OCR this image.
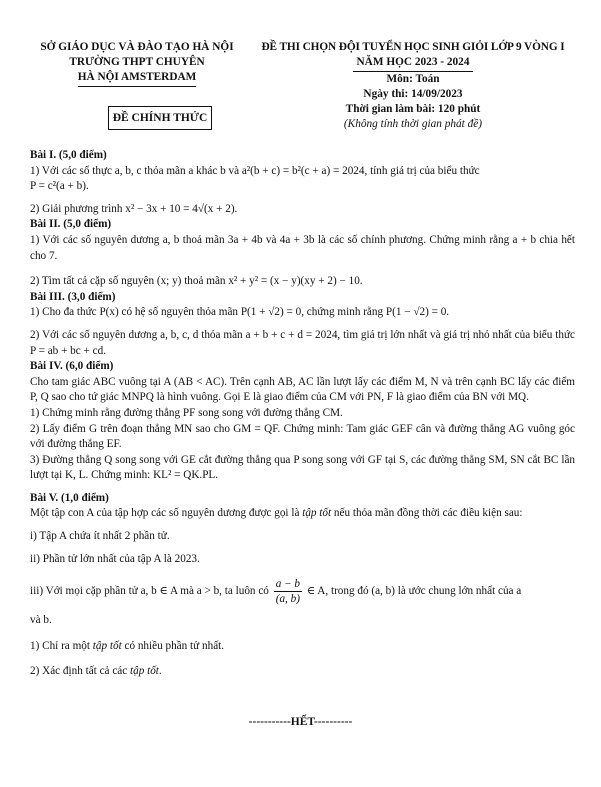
SỞ GIÁO DỤC VÀ ĐÀO TẠO HÀ NỘI
TRƯỜNG THPT CHUYÊN
HÀ NỘI AMSTERDAM
ĐỀ THI CHỌN ĐỘI TUYỂN HỌC SINH GIỎI LỚP 9 VÒNG I
NĂM HỌC 2023 - 2024
Môn: Toán
Ngày thi: 14/09/2023
Thời gian làm bài: 120 phút
(Không tính thời gian phát đề)
ĐỀ CHÍNH THỨC

Bài I. (5,0 điểm)

1) Với các số thực a, b, c thỏa mãn a khác b và a²(b + c) = b²(c + a) = 2024, tính giá trị của biểu thức

P = c²(a + b).

2) Giải phương trình x² − 3x + 10 = 4√(x + 2).

Bài II. (5,0 điểm)

1) Với các số nguyên dương a, b thoả mãn 3a + 4b và 4a + 3b là các số chính phương. Chứng minh rằng a + b chia hết cho 7.

2) Tìm tất cả cặp số nguyên (x; y) thoả mãn x² + y² = (x − y)(xy + 2) − 10.

Bài III. (3,0 điểm)

1) Cho đa thức P(x) có hệ số nguyên thỏa mãn P(1 + √2) = 0, chứng minh rằng P(1 − √2) = 0.

2) Với các số nguyên dương a, b, c, d thỏa mãn a + b + c + d = 2024, tìm giá trị lớn nhất và giá trị nhỏ nhất của biểu thức P = ab + bc + cd.

Bài IV. (6,0 điểm)

Cho tam giác ABC vuông tại A (AB < AC). Trên cạnh AB, AC lần lượt lấy các điểm M, N và trên cạnh BC lấy các điểm P, Q sao cho tứ giác MNPQ là hình vuông. Gọi E là giao điểm của CM với PN, F là giao điểm của BN với MQ.

1) Chứng minh rằng đường thẳng PF song song với đường thẳng CM.

2) Lấy điểm G trên đoạn thẳng MN sao cho GM = QF. Chứng minh: Tam giác GEF cân và đường thẳng AG vuông góc với đường thẳng EF.

3) Đường thẳng Q song song với GE cắt đường thẳng qua P song song với GF tại S, các đường thẳng SM, SN cắt BC lần lượt tại K, L. Chứng minh: KL² = QK.PL.

Bài V. (1,0 điểm)

Một tập con A của tập hợp các số nguyên dương được gọi là tập tốt nếu thỏa mãn đồng thời các điều kiện sau:

i) Tập A chứa ít nhất 2 phần tử.

ii) Phần tử lớn nhất của tập A là 2023.

iii) Với mọi cặp phần tử a, b ∈ A mà a > b, ta luôn có $\frac{a - b}{(a, b)}$ ∈ A, trong đó (a, b) là ước chung lớn nhất của a

và b.

1) Chỉ ra một tập tốt có nhiều phần tử nhất.

2) Xác định tất cả các tập tốt.

-----------HẾT----------
